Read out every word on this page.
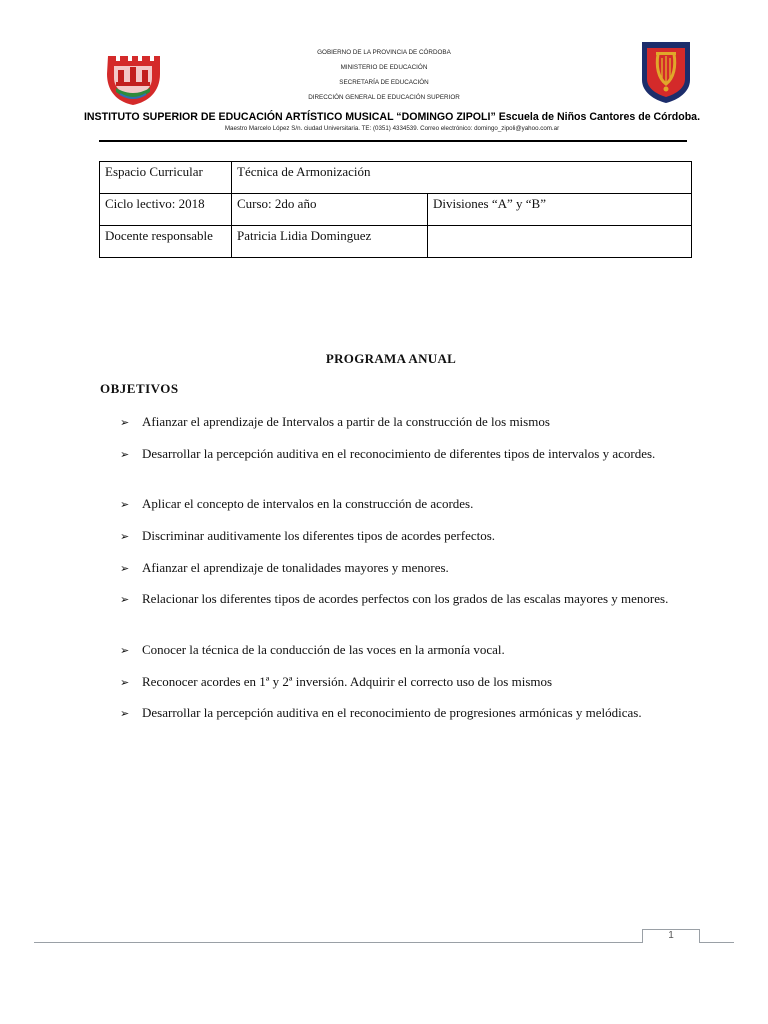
GOBIERNO DE LA PROVINCIA DE CÓRDOBA
MINISTERIO DE EDUCACIÓN
SECRETARÍA DE EDUCACIÓN
DIRECCIÓN GENERAL DE EDUCACIÓN SUPERIOR
INSTITUTO SUPERIOR DE EDUCACIÓN ARTÍSTICO MUSICAL “DOMINGO ZIPOLI” Escuela de Niños Cantores de Córdoba.
Maestro Marcelo López S/n. ciudad Universitaria. TE: (0351) 4334539. Correo electrónico: domingo_zipoli@yahoo.com.ar
Espacio Curricular	Técnica de Armonización	
Ciclo lectivo: 2018	Curso: 2do año	Divisiones “A” y “B”
Docente responsable	Patricia Lidia Dominguez	
PROGRAMA ANUAL
OBJETIVOS
➢ Afianzar el aprendizaje de Intervalos a partir de la construcción de los mismos
➢ Desarrollar la percepción auditiva en el reconocimiento de diferentes tipos de intervalos y acordes.
➢ Aplicar el concepto de intervalos en la construcción de acordes.
➢ Discriminar auditivamente los diferentes tipos de acordes perfectos.
➢ Afianzar el aprendizaje de tonalidades mayores y menores.
➢ Relacionar los diferentes tipos de acordes perfectos con los grados de las escalas mayores y menores.
➢ Conocer la técnica de la conducción de las voces en la armonía vocal.
➢ Reconocer acordes en 1ª y 2ª inversión. Adquirir el correcto uso de los mismos
➢ Desarrollar la percepción auditiva en el reconocimiento de progresiones armónicas y melódicas.
1
